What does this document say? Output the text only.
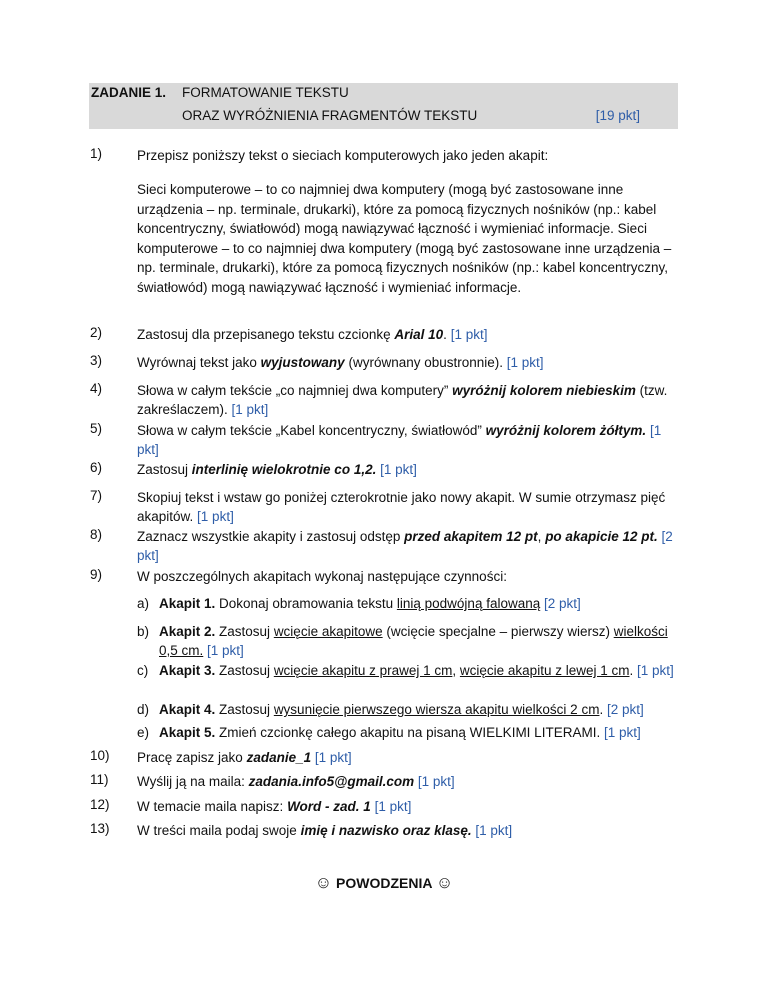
ZADANIE 1. FORMATOWANIE TEKSTU
ORAZ WYRÓŻNIENIA FRAGMENTÓW TEKSTU	[19 pkt]
1)	Przepisz poniższy tekst o sieciach komputerowych jako jeden akapit:
Sieci komputerowe – to co najmniej dwa komputery (mogą być zastosowane inne urządzenia – np. terminale, drukarki), które za pomocą fizycznych nośników (np.: kabel koncentryczny, światłowód) mogą nawiązywać łączność i wymieniać informacje. Sieci komputerowe – to co najmniej dwa komputery (mogą być zastosowane inne urządzenia – np. terminale, drukarki), które za pomocą fizycznych nośników (np.: kabel koncentryczny, światłowód) mogą nawiązywać łączność i wymieniać informacje.
2)	Zastosuj dla przepisanego tekstu czcionkę Arial 10. [1 pkt]
3)	Wyrównaj tekst jako wyjustowany (wyrównany obustronnie). [1 pkt]
4)	Słowa w całym tekście „co najmniej dwa komputery” wyróżnij kolorem niebieskim (tzw. zakreślaczem). [1 pkt]
5)	Słowa w całym tekście „Kabel koncentryczny, światłowód” wyróżnij kolorem żółtym. [1 pkt]
6)	Zastosuj interlinię wielokrotnie co 1,2. [1 pkt]
7)	Skopiuj tekst i wstaw go poniżej czterokrotnie jako nowy akapit. W sumie otrzymasz pięć akapitów. [1 pkt]
8)	Zaznacz wszystkie akapity i zastosuj odstęp przed akapitem 12 pt, po akapicie 12 pt. [2 pkt]
9)	W poszczególnych akapitach wykonaj następujące czynności:
a) Akapit 1. Dokonaj obramowania tekstu linią podwójną falowaną [2 pkt]
b) Akapit 2. Zastosuj wcięcie akapitowe (wcięcie specjalne – pierwszy wiersz) wielkości 0,5 cm. [1 pkt]
c) Akapit 3. Zastosuj wcięcie akapitu z prawej 1 cm, wcięcie akapitu z lewej 1 cm. [1 pkt]
d) Akapit 4. Zastosuj wysunięcie pierwszego wiersza akapitu wielkości 2 cm. [2 pkt]
e) Akapit 5. Zmień czcionkę całego akapitu na pisaną WIELKIMI LITERAMI. [1 pkt]
10)	Pracę zapisz jako zadanie_1 [1 pkt]
11)	Wyślij ją na maila: zadania.info5@gmail.com [1 pkt]
12)	W temacie maila napisz: Word - zad. 1 [1 pkt]
13)	W treści maila podaj swoje imię i nazwisko oraz klasę. [1 pkt]
☺ POWODZENIA ☺
